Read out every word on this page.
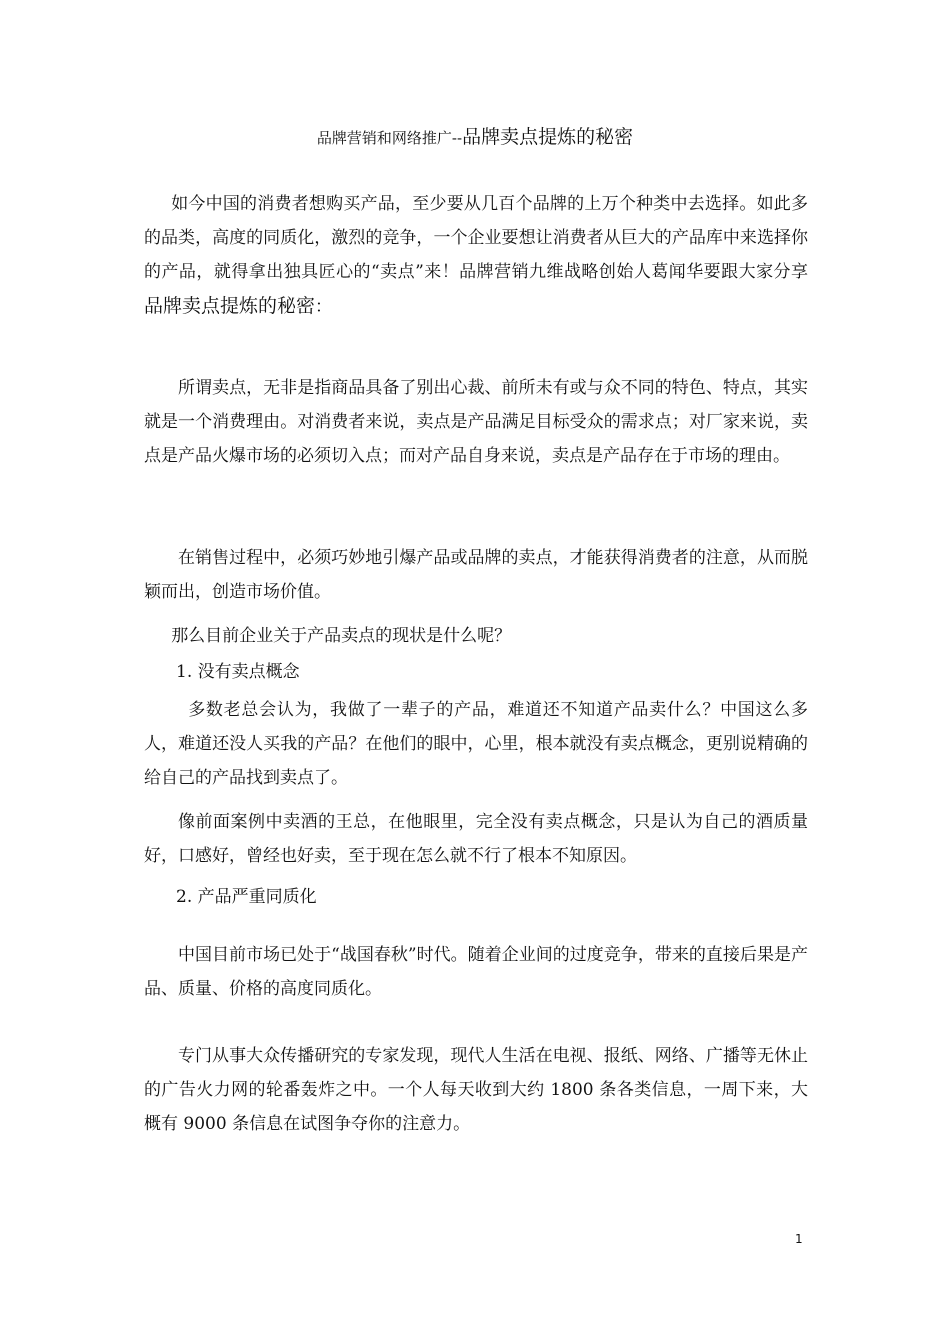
品牌营销和网络推广--品牌卖点提炼的秘密
如今中国的消费者想购买产品，至少要从几百个品牌的上万个种类中去选择。如此多的品类，高度的同质化，激烈的竞争，一个企业要想让消费者从巨大的产品库中来选择你的产品，就得拿出独具匠心的“卖点”来！品牌营销九维战略创始人葛闻华要跟大家分享品牌卖点提炼的秘密：
所谓卖点，无非是指商品具备了别出心裁、前所未有或与众不同的特色、特点，其实就是一个消费理由。对消费者来说，卖点是产品满足目标受众的需求点；对厂家来说，卖点是产品火爆市场的必须切入点；而对产品自身来说，卖点是产品存在于市场的理由。
在销售过程中，必须巧妙地引爆产品或品牌的卖点，才能获得消费者的注意，从而脱颖而出，创造市场价值。
那么目前企业关于产品卖点的现状是什么呢？
1. 没有卖点概念
多数老总会认为，我做了一辈子的产品，难道还不知道产品卖什么？中国这么多人，难道还没人买我的产品？在他们的眼中，心里，根本就没有卖点概念，更别说精确的给自己的产品找到卖点了。
像前面案例中卖酒的王总，在他眼里，完全没有卖点概念，只是认为自己的酒质量好，口感好，曾经也好卖，至于现在怎么就不行了根本不知原因。
2. 产品严重同质化
中国目前市场已处于“战国春秋”时代。随着企业间的过度竞争，带来的直接后果是产品、质量、价格的高度同质化。
专门从事大众传播研究的专家发现，现代人生活在电视、报纸、网络、广播等无休止的广告火力网的轮番轰炸之中。一个人每天收到大约 1800 条各类信息，一周下来，大概有 9000 条信息在试图争夺你的注意力。
1
